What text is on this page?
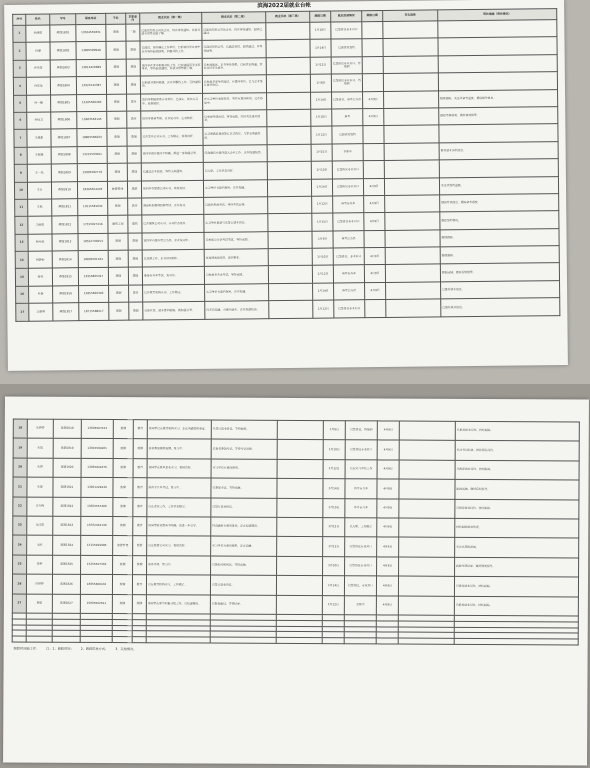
滨海2022届就业台帐
序号	姓名	学号	联系电话	专业	求职意向	就业状态（第一周）	就业状态（第二周）	就业状态（第三周）	跟踪日期	就业进展情况	跟踪日期	存在困难	帮扶措施（帮扶情况）
1	孙润琪	蒸馏1801	13504555831	蒸馏	二级	已面试知名公司及企业，仍在等待通知，目前对就业形势比较了解。	已面试知名公司及企业，仍在等待通知，面试已通过。		1月10日	已签协议专业对口			
2	孙璐	蒸馏1802	13805589946	蒸馏	蒸馏	已面试，现在确定工作单位，目前该同学在家中正在等待面试结果，积极寻找工作。	已面试知名公司，已通过初试，面试通过，在等待结果。		1月14日	已面试待签约			
3	孙亚雯	蒸馏1803	13814420689	蒸馏	蒸馏	该同学在家中积极寻找工作，已投递简历至多家单位，等待面试通知，对就业形势较了解。	已参加面试，正在等待结果，已和家长沟通，家长支持学生就业。		1月12日	已签协议专业对口，待报到			
4	孙奕童	蒸馏1804	13921542387	蒸馏	蒸馏	目前就业意向较强，正在积极找工作，已投递简历。	已参加多家单位面试，有意向单位，已与企业签订就业协议。		1月8日	已签协议专业对口，待报到			
5	孙一楠	蒸馏1805	15205506283	蒸馏	教育	该同学积极联系实习单位，已落实，现在实习中，表现较好。	在实习单位表现良好，单位有意向留用，已在协商中。		1月14日	已签协议，备考公务员	4月9日		继续跟踪，关注其备考进度，提供相关信息。
6	孙钰文	蒸馏1806	13603563145	蒸馏	教育	该同学准备考研，正在复习中，心态较好。	已参加考研初试，等待成绩，同时关注就业信息。		1月10日	备考	4月9日		跟踪考研结果，做好调剂指导。
7	王甜甜	蒸馏1807	18805585603	蒸馏	蒸馏	已在家乡企业实习，工作稳定，表现良好。	实习期满后准备签订正式协议，与家长沟通良好。		1月12日	已面试待签约			
8	王珊珊	蒸馏1808	13215593021	蒸馏	蒸馏	该同学就业意向不明确，需进一步沟通引导。	经沟通后有意向进入企业工作，正在投递简历。		1月15日	求职中			推荐就业岗位信息。
9	王一鸣	蒸馏1809	15805582776	蒸馏	蒸馏	已通过企业面试，等待入职通知。	已入职，工作状态良好。		1月10日	已签协议专业对口			
10	王言	蒸馏1810	18365024478	旅游管理	旅游	该同学在旅游公司实习，表现良好。	实习单位有意向留用，正在沟通。		1月14日	已签协议专业对口	4月9日		关注其签约进展。
11	王欣	蒸馏1811	13515581032	蒸馏	教育	准备参加教师招聘考试，正在复习。	已报名参加考试，等待考试安排。		1月12日	备考专升本	4月9日		提供考试信息，跟踪备考进度。
12	吴雨琪	蒸馏1812	17555927216	建筑工程	建筑	已在建筑公司实习，实习状态良好。	实习单位准备与其签订就业协议。		1月15日	已签协议专业对口	4月9日		跟踪签约情况。
13	杨可欣	蒸馏1813	18552700253	蒸馏	蒸馏	该同学有意向考公务员，正在复习中。	已参加公务员考试笔试，等待成绩。		1月9日	备考公务员			继续跟踪。
14	杨静怡	蒸馏1814	18805501101	蒸馏	蒸馏	已找到工作，正在试用期中。	试用期表现良好，即将转正。		1月10日	已签协议，专业对口	4月9日		继续跟踪。
15	杨雪	蒸馏1815	13955865327	蒸馏	蒸馏	准备专升本考试，复习中。	已参加专升本考试，等待成绩。		1月12日	备考专升本	4月9日		跟踪成绩，做好后续指导。
16	叶静	蒸馏1816	15855820349	蒸馏	教育	已在教育机构实习，工作稳定。	实习单位有意向留用，正在沟通。		1月14日	备考公务员	4月9日		已推荐就业信息。
17	余梦琪	蒸馏1817	18715588217	蒸馏	蒸馏	目前在家，就业意向较弱，需加强引导。	经多次沟通，有意向就业，正在投递简历。		1月12日	已签协议专业对口			已推荐就业信息。
18	朱婷婷	蒸馏1818	13805587413	蒸馏	教育	该同学已在教育机构实习，正在沟通签约事宜。	已签订就业协议，等待报到。		1月9日	已签协议，待报到	4月9日		已推荐就业岗位，持续跟踪。
19	朱娟	蒸馏1819	13815584261	蒸馏	蒸馏	准备参加教师招聘，复习中。	已报名参加考试，等待考试安排。		1月10日	已签协议专业对口	4月9日		关注考试结果，推荐相关岗位。
20	朱婷	蒸馏1820	13955824376	蒸馏	教育	该同学在家乡企业实习，表现良好。	实习单位有意向留用。		1月12日	已在实习单位工作	4月9日		已推荐就业岗位，持续跟踪。
21	朱静	蒸馏1821	13951229439	蒸馏	教育	准备专升本考试，复习中。	已参加考试，等待成绩。		1月14日	备考专升本	4月9日		跟踪成绩，做好后续指导。
22	王雪梅	蒸馏1822	13655557480	蒸馏	教育	已在企业工作，工作状态稳定。	已签订就业协议。		1月10日	备考专升本	4月9日		已推荐就业岗位，持续跟踪。
23	吴佳琪	蒸馏1823	18762302138	蒸馏	教育	该同学就业意向不明确，需进一步引导。	经沟通后有意向就业，正在投递简历。		1月15日	已入职，工作稳定	4月9日		持续跟踪就业情况。
24	吴欣	蒸馏1824	15155929986	旅游管理	旅游	已在旅游公司实习，表现良好。	实习单位有意向留用，正在沟通。		1月12日	已签协议专业对口	4月9日		关注其签约进展。
25	徐梦	蒸馏1825	15255507302	蒸馏	蒸馏	准备考研，复习中。	已参加考研初试，等待成绩。		1月10日	已签协议专业对口	4月9日		跟踪考研结果，做好调剂指导。
26	许婷婷	蒸馏1826	18955800432	蒸馏	教育	已在教育机构实习，工作稳定。	已签订就业协议。		1月14日	已签协议，专业对口	4月9日		已推荐就业岗位，持续跟踪。
27	杨娟	蒸馏1827	15805502611	蒸馏	蒸馏	该同学在家中积极寻找工作，已投递简历。	已参加面试，等待结果。		1月12日	求职中	4月9日		已推荐就业岗位，持续跟踪。

跟踪时间轴工作： 注：1、跟踪时间； 2、跟踪联系方式； 3、其他情况。
